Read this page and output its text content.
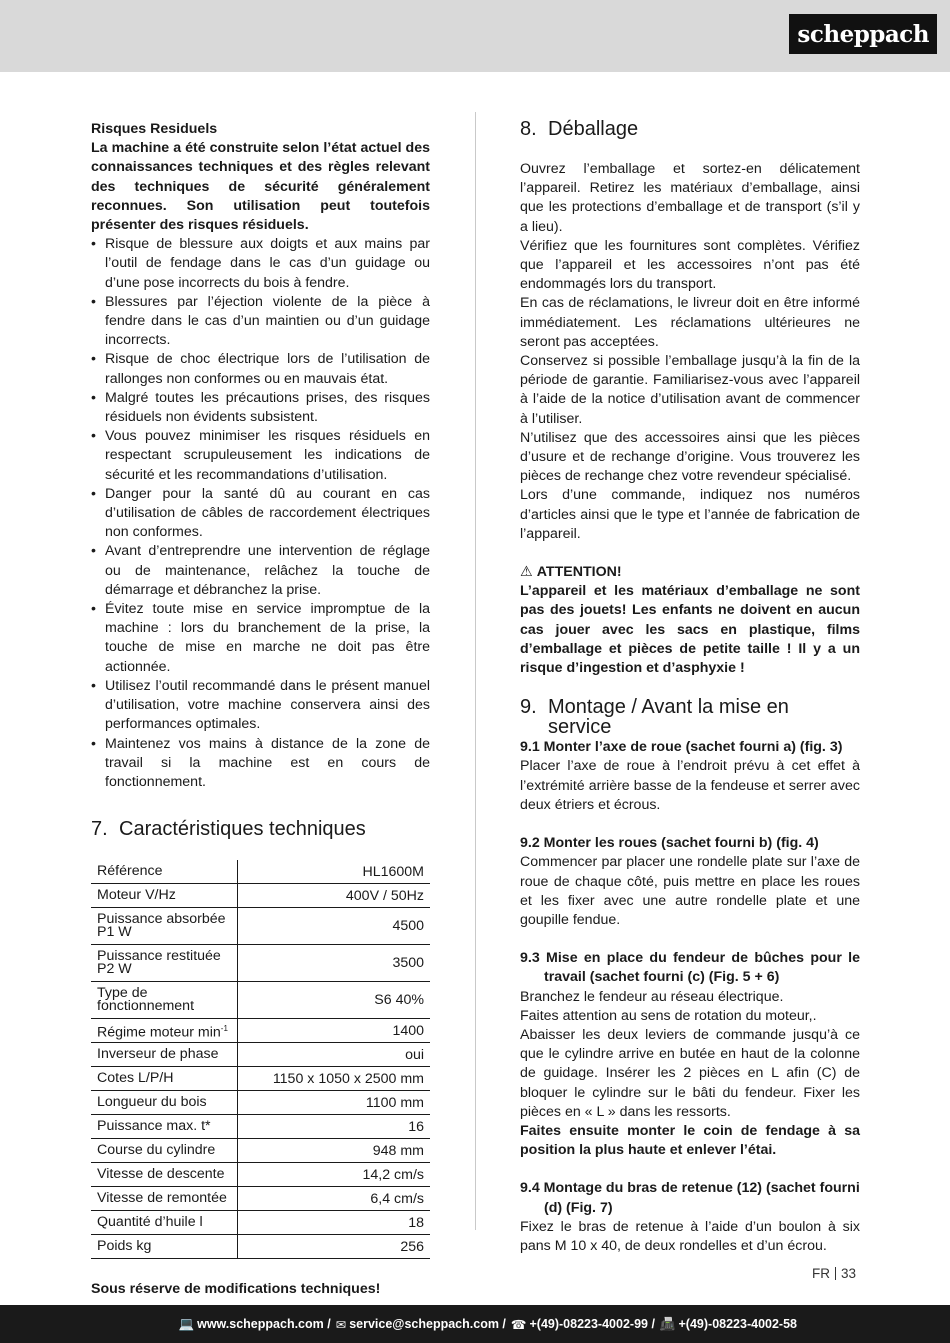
scheppach

Risques Residuels

La machine a été construite selon l’état actuel des connaissances techniques et des règles relevant des techniques de sécurité généralement reconnues. Son utilisation peut toutefois présenter des risques résiduels.

• Risque de blessure aux doigts et aux mains par l’outil de fendage dans le cas d’un guidage ou d’une pose incorrects du bois à fendre.
• Blessures par l’éjection violente de la pièce à fendre dans le cas d’un maintien ou d’un guidage incorrects.
• Risque de choc électrique lors de l’utilisation de rallonges non conformes ou en mauvais état.
• Malgré toutes les précautions prises, des risques résiduels non évidents subsistent.
• Vous pouvez minimiser les risques résiduels en respectant scrupuleusement les indications de sécurité et les recommandations d’utilisation.
• Danger pour la santé dû au courant en cas d’utilisation de câbles de raccordement électriques non conformes.
• Avant d’entreprendre une intervention de réglage ou de maintenance, relâchez la touche de démarrage et débranchez la prise.
• Évitez toute mise en service impromptue de la machine : lors du branchement de la prise, la touche de mise en marche ne doit pas être actionnée.
• Utilisez l’outil recommandé dans le présent manuel d’utilisation, votre machine conservera ainsi des performances optimales.
• Maintenez vos mains à distance de la zone de travail si la machine est en cours de fonctionnement.
7. Caractéristiques techniques
Référence	HL1600M
Moteur V/Hz	400V / 50Hz
Puissance absorbée P1 W	4500
Puissance restituée P2 W	3500
Type de fonctionnement	S6 40%
Régime moteur $\min^{-1}$	1400
Inverseur de phase	oui
Cotes L/P/H	1150 x 1050 x 2500 mm
Longueur du bois	1100 mm
Puissance max. t*	16
Course du cylindre	948 mm
Vitesse de descente	14,2 cm/s
Vitesse de remontée	6,4 cm/s
Quantité d’huile l	18
Poids kg	256

Sous réserve de modifications techniques!

8. Déballage

Ouvrez l’emballage et sortez-en délicatement l’appareil. Retirez les matériaux d’emballage, ainsi que les protections d’emballage et de transport (s’il y a lieu).

Vérifiez que les fournitures sont complètes. Vérifiez que l’appareil et les accessoires n’ont pas été endommagés lors du transport.

En cas de réclamations, le livreur doit en être informé immédiatement. Les réclamations ultérieures ne seront pas acceptées.

Conservez si possible l’emballage jusqu’à la fin de la période de garantie. Familiarisez-vous avec l’appareil à l’aide de la notice d’utilisation avant de commencer à l’utiliser.

N’utilisez que des accessoires ainsi que les pièces d’usure et de rechange d’origine. Vous trouverez les pièces de rechange chez votre revendeur spécialisé.

Lors d’une commande, indiquez nos numéros d’articles ainsi que le type et l’année de fabrication de l’appareil.

⚠ ATTENTION!

L’appareil et les matériaux d’emballage ne sont pas des jouets! Les enfants ne doivent en aucun cas jouer avec les sacs en plastique, films d’emballage et pièces de petite taille ! Il y a un risque d’ingestion et d’asphyxie !

9. Montage / Avant la mise en service
9.1 Monter l’axe de roue (sachet fourni a) (fig. 3)

Placer l’axe de roue à l’endroit prévu à cet effet à l’extrémité arrière basse de la fendeuse et serrer avec deux étriers et écrous.

9.2 Monter les roues (sachet fourni b) (fig. 4)

Commencer par placer une rondelle plate sur l’axe de roue de chaque côté, puis mettre en place les roues et les fixer avec une autre rondelle plate et une goupille fendue.

9.3 Mise en place du fendeur de bûches pour le travail (sachet fourni (c) (Fig. 5 + 6)

Branchez le fendeur au réseau électrique.

Faites attention au sens de rotation du moteur,.

Abaisser les deux leviers de commande jusqu’à ce que le cylindre arrive en butée en haut de la colonne de guidage. Insérer les 2 pièces en L afin (C) de bloquer le cylindre sur le bâti du fendeur. Fixer les pièces en « L » dans les ressorts.

Faites ensuite monter le coin de fendage à sa position la plus haute et enlever l’étai.

9.4 Montage du bras de retenue (12) (sachet fourni (d) (Fig. 7)

Fixez le bras de retenue à l’aide d’un boulon à six pans M 10 x 40, de deux rondelles et d’un écrou.

FR 33
💻 www.scheppach.com / ✉ service@scheppach.com / ☎ +(49)-08223-4002-99 / 📠 +(49)-08223-4002-58
